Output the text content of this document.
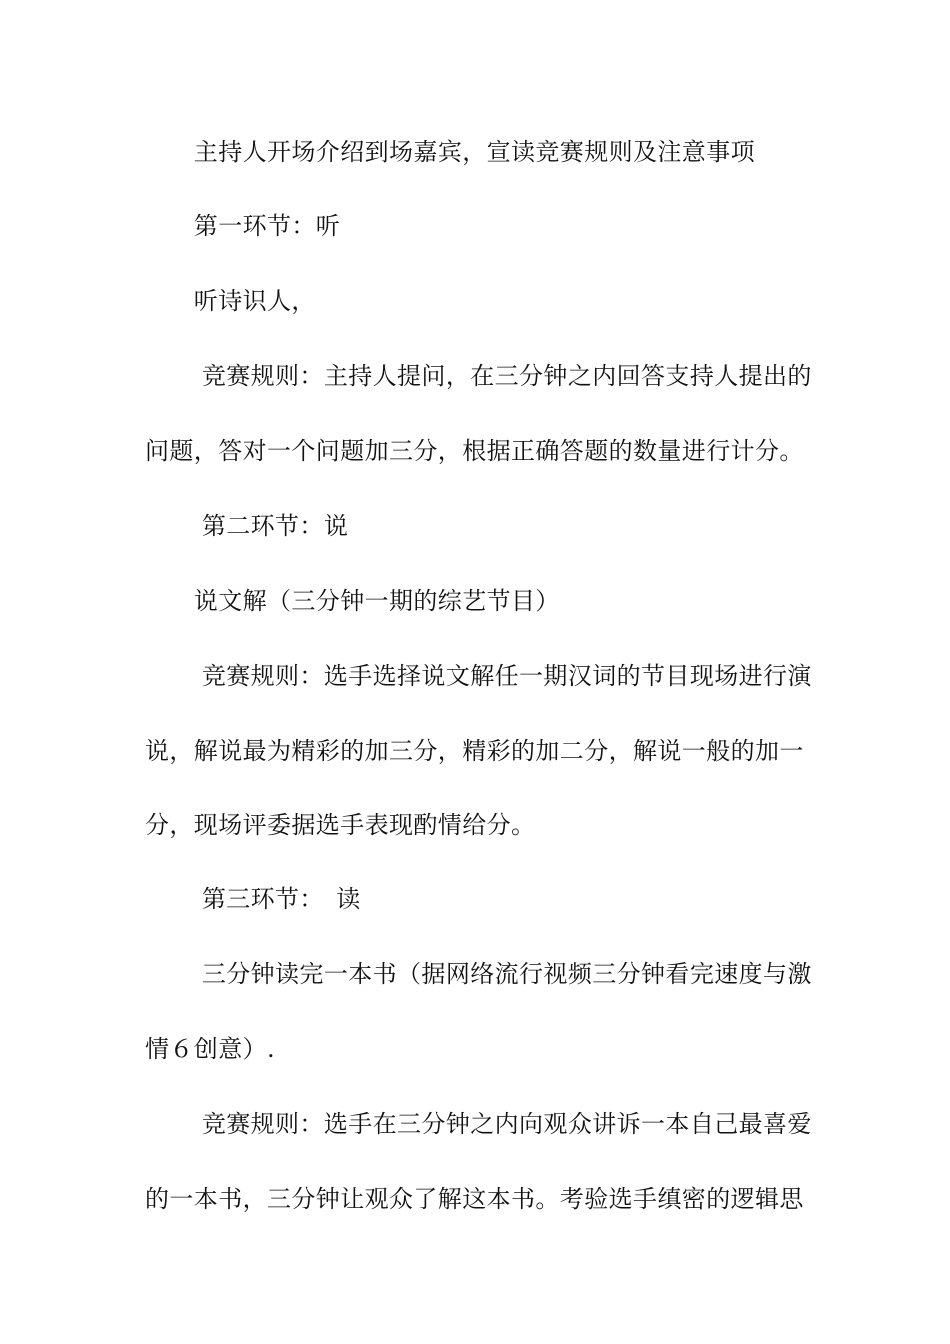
　　主持人开场介绍到场嘉宾，宣读竞赛规则及注意事项
　　第一环节：听
　　听诗识人，
　　 竞赛规则：主持人提问，在三分钟之内回答支持人提出的
问题，答对一个问题加三分，根据正确答题的数量进行计分。
　　 第二环节：说
　　说文解（三分钟一期的综艺节目）
　　 竞赛规则：选手选择说文解任一期汉词的节目现场进行演
说，解说最为精彩的加三分，精彩的加二分，解说一般的加一
分，现场评委据选手表现酌情给分。
　　 第三环节：　读
　　 三分钟读完一本书（据网络流行视频三分钟看完速度与激
情６创意）.
　　 竞赛规则：选手在三分钟之内向观众讲诉一本自己最喜爱
的一本书，三分钟让观众了解这本书。考验选手缜密的逻辑思
